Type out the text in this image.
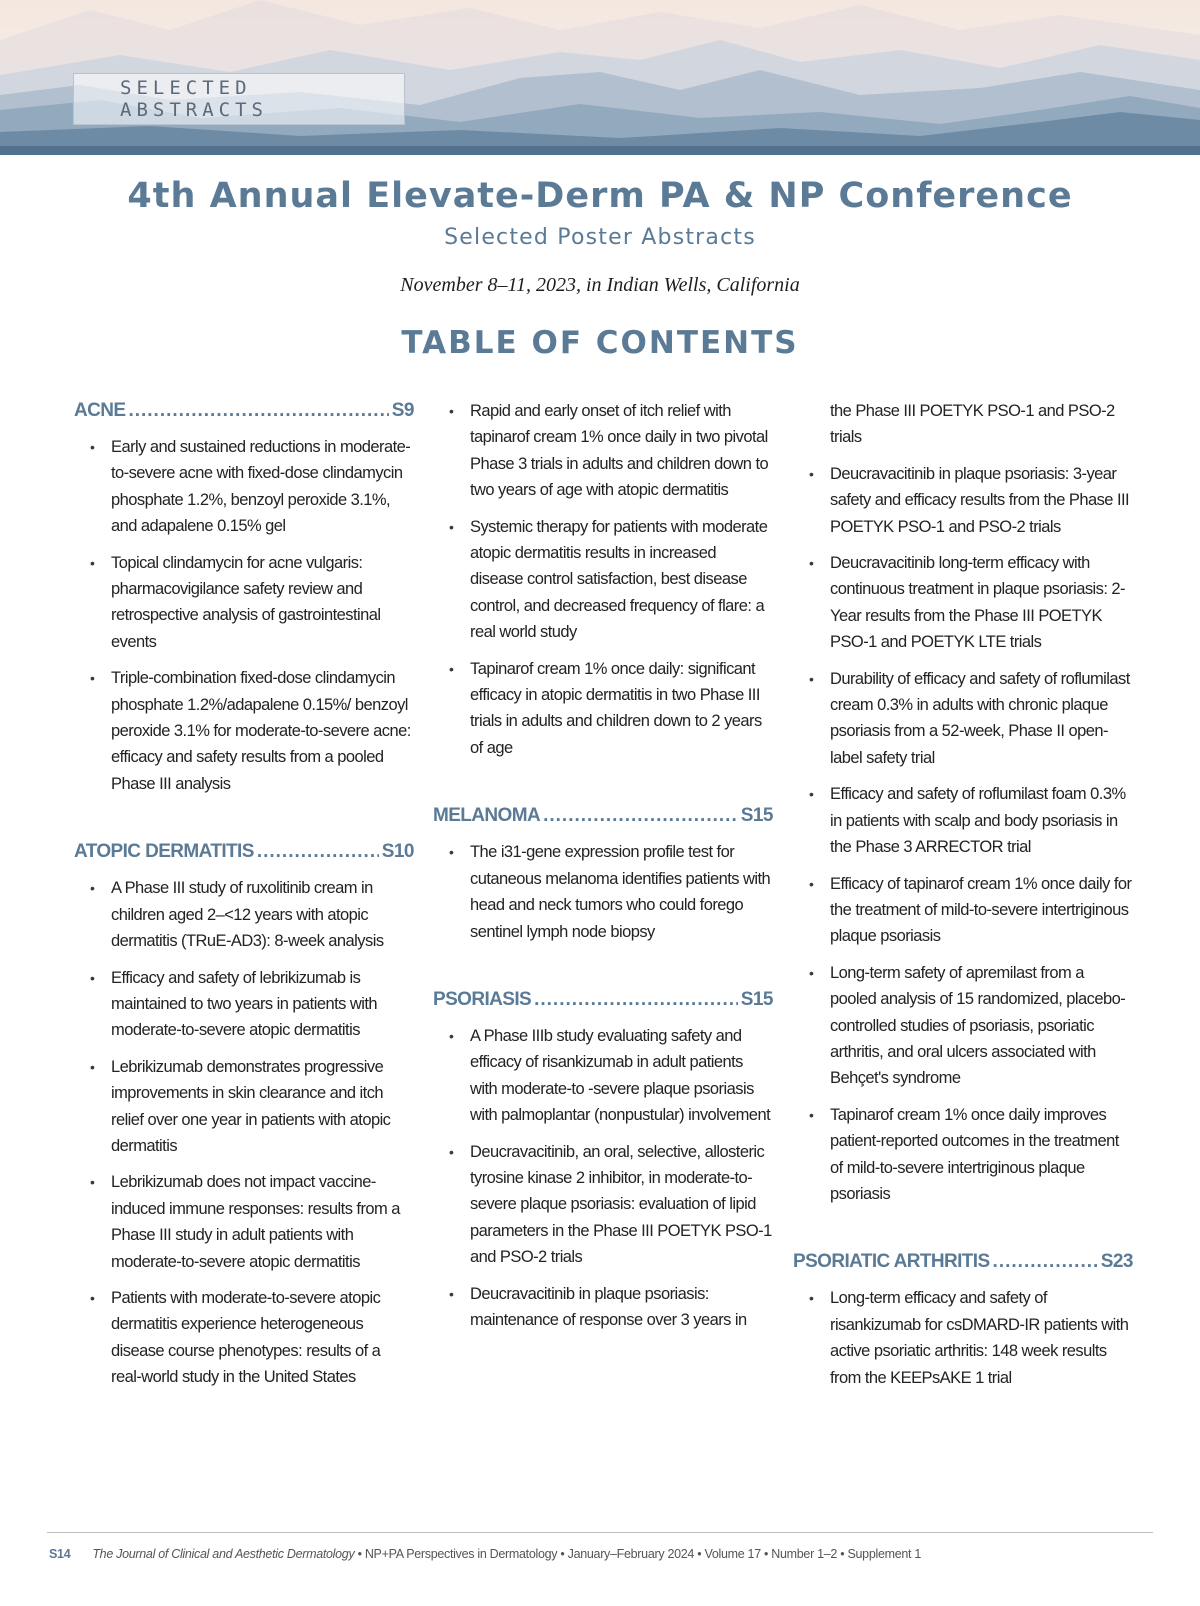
SELECTED ABSTRACTS
4th Annual Elevate-Derm PA & NP Conference
Selected Poster Abstracts
November 8–11, 2023, in Indian Wells, California
TABLE OF CONTENTS
ACNE .....	S9
• Early and sustained reductions in moderate-to-severe acne with fixed-dose clindamycin phosphate 1.2%, benzoyl peroxide 3.1%, and adapalene 0.15% gel
• Topical clindamycin for acne vulgaris: pharmacovigilance safety review and retrospective analysis of gastrointestinal events
• Triple-combination fixed-dose clindamycin phosphate 1.2%/adapalene 0.15%/ benzoyl peroxide 3.1% for moderate-to-severe acne: efficacy and safety results from a pooled Phase III analysis
ATOPIC DERMATITIS .....	S10
• A Phase III study of ruxolitinib cream in children aged 2–<12 years with atopic dermatitis (TRuE-AD3): 8-week analysis
• Efficacy and safety of lebrikizumab is maintained to two years in patients with moderate-to-severe atopic dermatitis
• Lebrikizumab demonstrates progressive improvements in skin clearance and itch relief over one year in patients with atopic dermatitis
• Lebrikizumab does not impact vaccine-induced immune responses: results from a Phase III study in adult patients with moderate-to-severe atopic dermatitis
• Patients with moderate-to-severe atopic dermatitis experience heterogeneous disease course phenotypes: results of a real-world study in the United States
• Rapid and early onset of itch relief with tapinarof cream 1% once daily in two pivotal Phase 3 trials in adults and children down to two years of age with atopic dermatitis
• Systemic therapy for patients with moderate atopic dermatitis results in increased disease control satisfaction, best disease control, and decreased frequency of flare: a real world study
• Tapinarof cream 1% once daily: significant efficacy in atopic dermatitis in two Phase III trials in adults and children down to 2 years of age
MELANOMA .....	S15
• The i31-gene expression profile test for cutaneous melanoma identifies patients with head and neck tumors who could forego sentinel lymph node biopsy
PSORIASIS .....	S15
• A Phase IIIb study evaluating safety and efficacy of risankizumab in adult patients with moderate-to -severe plaque psoriasis with palmoplantar (nonpustular) involvement
• Deucravacitinib, an oral, selective, allosteric tyrosine kinase 2 inhibitor, in moderate-to-severe plaque psoriasis: evaluation of lipid parameters in the Phase III POETYK PSO-1 and PSO-2 trials
• Deucravacitinib in plaque psoriasis: maintenance of response over 3 years in
the Phase III POETYK PSO-1 and PSO-2 trials
• Deucravacitinib in plaque psoriasis: 3-year safety and efficacy results from the Phase III POETYK PSO-1 and PSO-2 trials
• Deucravacitinib long-term efficacy with continuous treatment in plaque psoriasis: 2-Year results from the Phase III POETYK PSO-1 and POETYK LTE trials
• Durability of efficacy and safety of roflumilast cream 0.3% in adults with chronic plaque psoriasis from a 52-week, Phase II open-label safety trial
• Efficacy and safety of roflumilast foam 0.3% in patients with scalp and body psoriasis in the Phase 3 ARRECTOR trial
• Efficacy of tapinarof cream 1% once daily for the treatment of mild-to-severe intertriginous plaque psoriasis
• Long-term safety of apremilast from a pooled analysis of 15 randomized, placebo-controlled studies of psoriasis, psoriatic arthritis, and oral ulcers associated with Behçet's syndrome
• Tapinarof cream 1% once daily improves patient-reported outcomes in the treatment of mild-to-severe intertriginous plaque psoriasis
PSORIATIC ARTHRITIS .....	S23
• Long-term efficacy and safety of risankizumab for csDMARD-IR patients with active psoriatic arthritis: 148 week results from the KEEPsAKE 1 trial
S14 The Journal of Clinical and Aesthetic Dermatology • NP+PA Perspectives in Dermatology • January–February 2024 • Volume 17 • Number 1–2 • Supplement 1
